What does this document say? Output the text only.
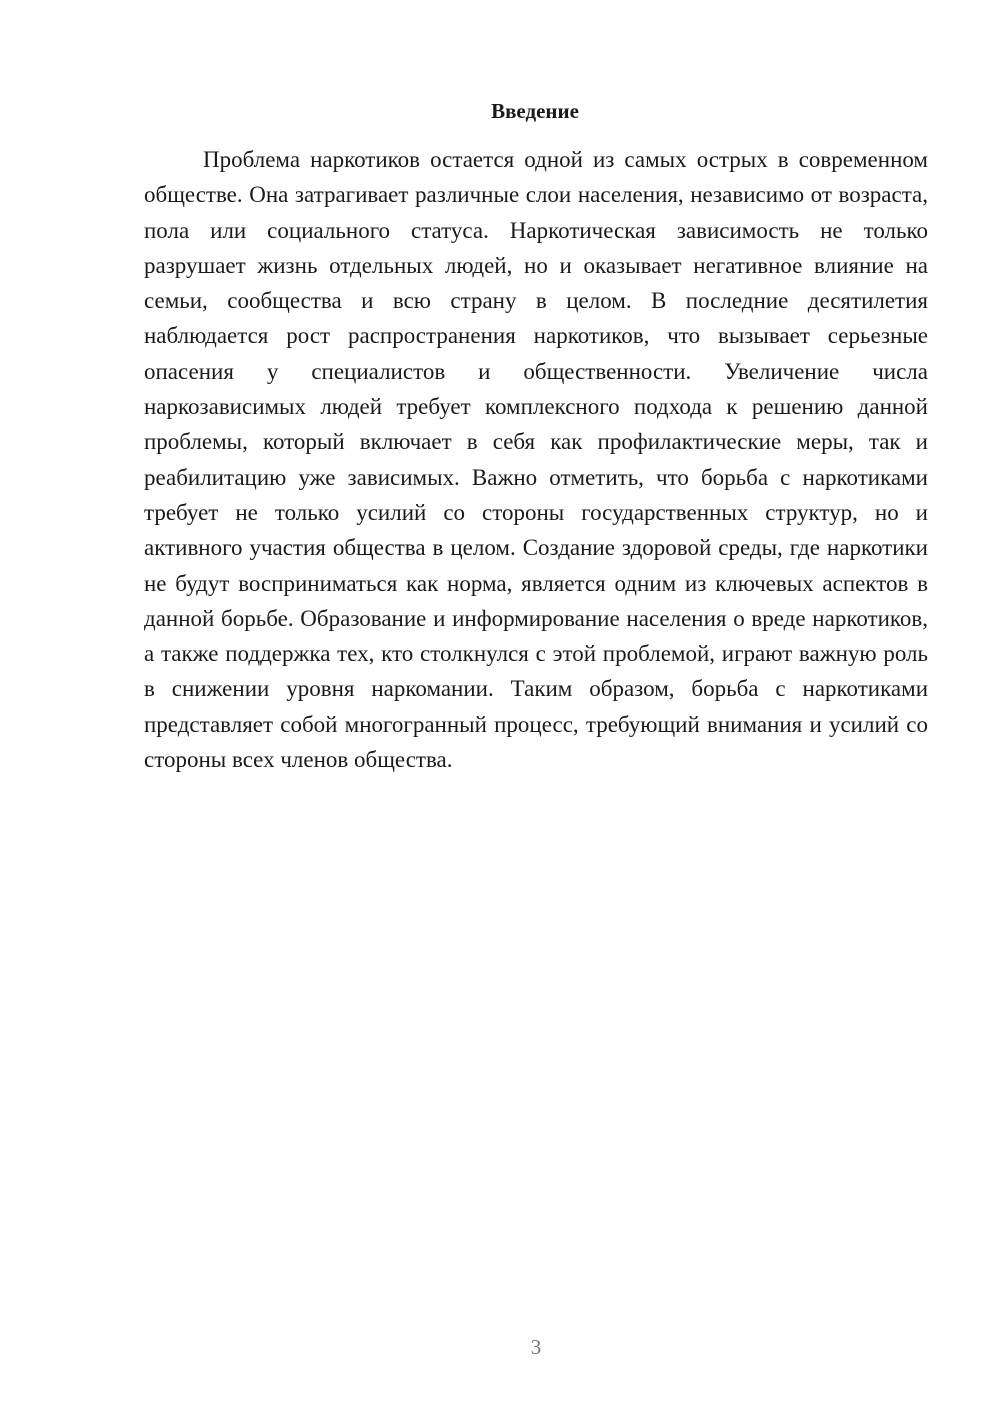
Введение

Проблема наркотиков остается одной из самых острых в современном обществе. Она затрагивает различные слои населения, независимо от возраста, пола или социального статуса. Наркотическая зависимость не только разрушает жизнь отдельных людей, но и оказывает негативное влияние на семьи, сообщества и всю страну в целом. В последние десятилетия наблюдается рост распространения наркотиков, что вызывает серьезные опасения у специалистов и общественности. Увеличение числа наркозависимых людей требует комплексного подхода к решению данной проблемы, который включает в себя как профилактические меры, так и реабилитацию уже зависимых. Важно отметить, что борьба с наркотиками требует не только усилий со стороны государственных структур, но и активного участия общества в целом. Создание здоровой среды, где наркотики не будут восприниматься как норма, является одним из ключевых аспектов в данной борьбе. Образование и информирование населения о вреде наркотиков, а также поддержка тех, кто столкнулся с этой проблемой, играют важную роль в снижении уровня наркомании. Таким образом, борьба с наркотиками представляет собой многогранный процесс, требующий внимания и усилий со стороны всех членов общества.

3
